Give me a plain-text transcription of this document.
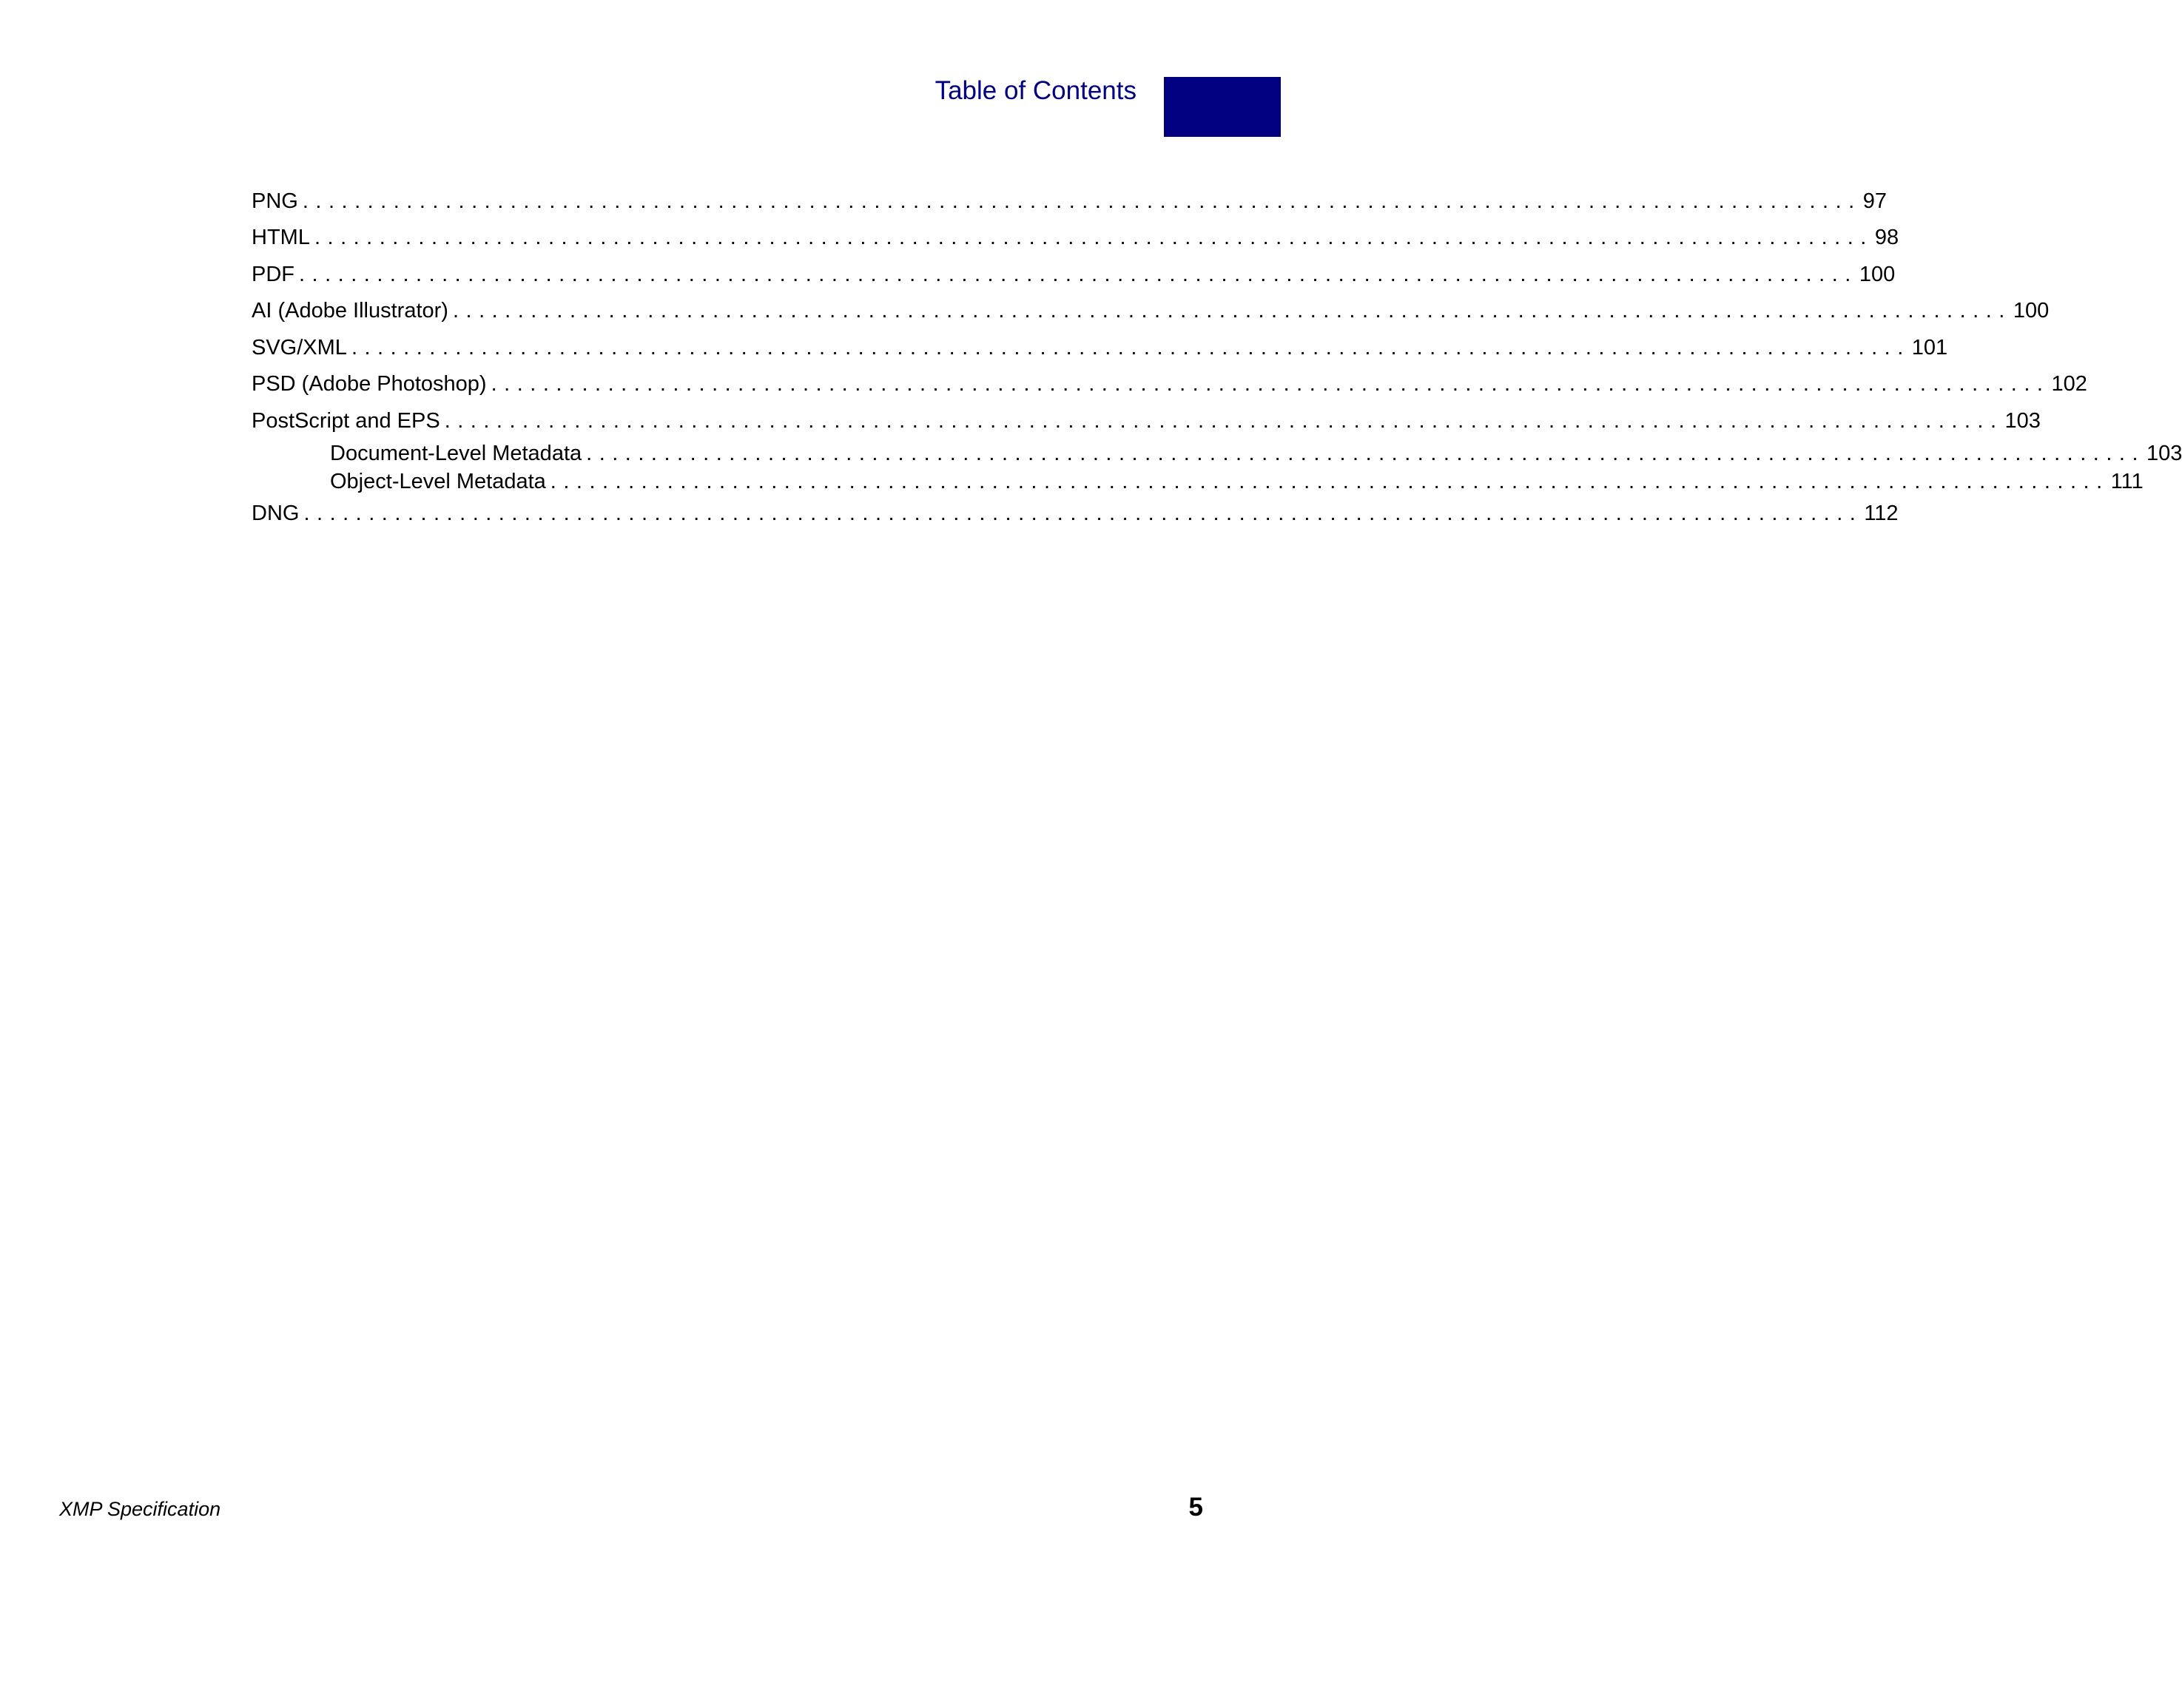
Table of Contents
PNG ........................................................................................................................ 97
HTML ........................................................................................................................ 98
PDF ........................................................................................................................ 100
AI (Adobe Illustrator) ........................................................................................................................ 100
SVG/XML ........................................................................................................................ 101
PSD (Adobe Photoshop) ........................................................................................................................ 102
PostScript and EPS ........................................................................................................................ 103
Document-Level Metadata ........................................................................................................................ 103
Object-Level Metadata ........................................................................................................................ 111
DNG ........................................................................................................................ 112
XMP Specification	5
